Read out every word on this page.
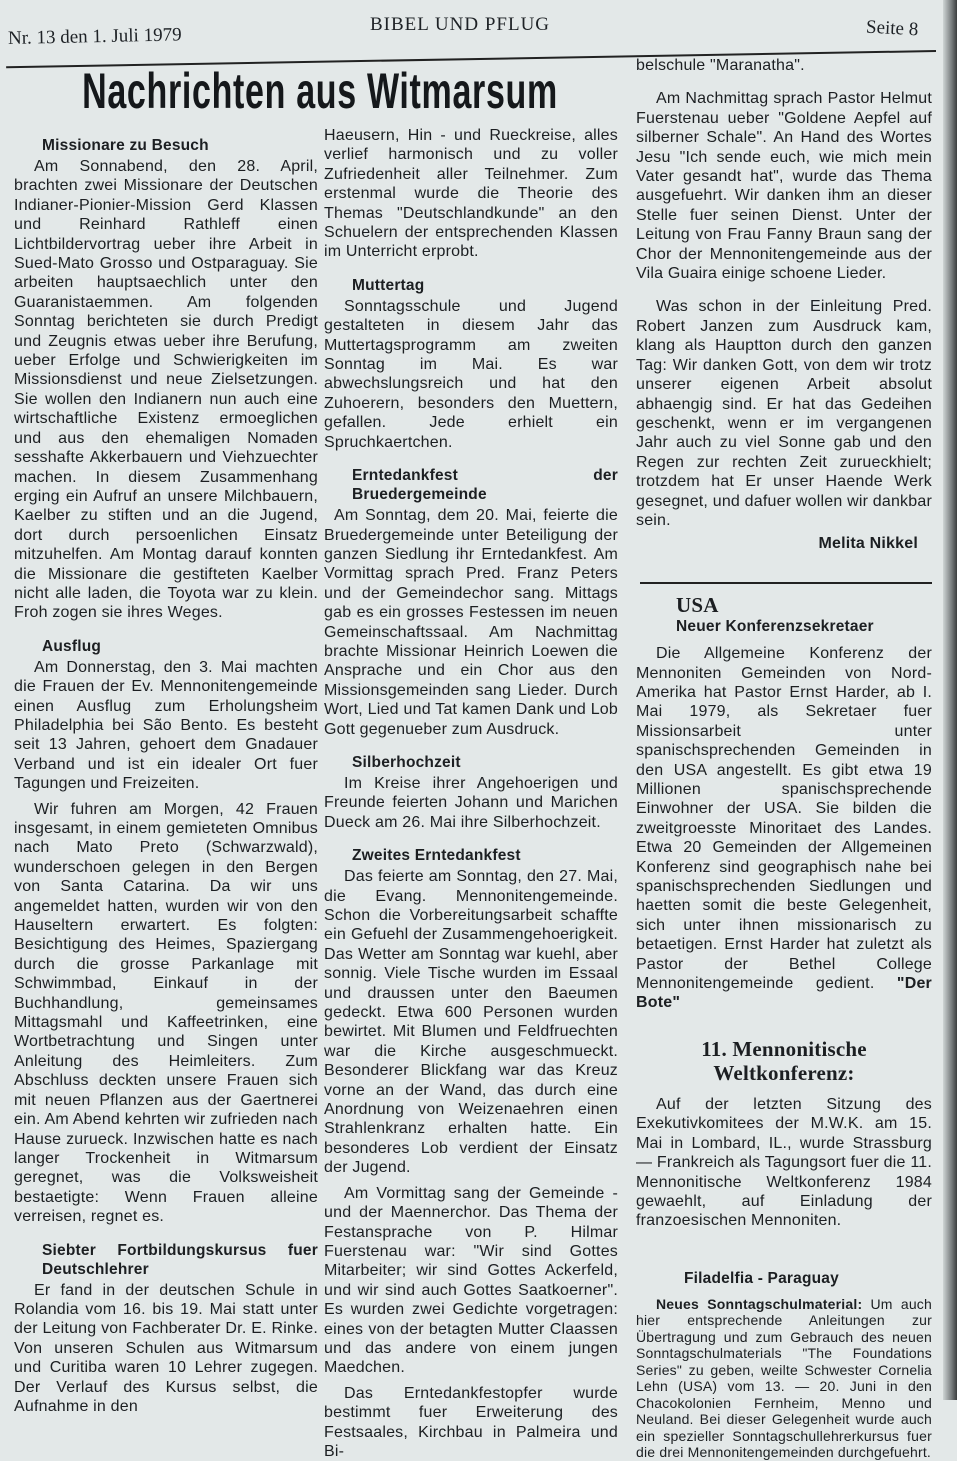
Nr. 13 den 1. Juli 1979	BIBEL UND PFLUG	Seite 8
Nachrichten aus Witmarsum
Missionare zu Besuch

Am Sonnabend, den 28. April, brachten zwei Missionare der Deutschen Indianer-Pionier-Mission Gerd Klassen und Reinhard Rathleff einen Lichtbildervortrag ueber ihre Arbeit in Sued-Mato Grosso und Ostparaguay. Sie arbeiten hauptsaechlich unter den Guaranistaemmen. Am folgenden Sonntag berichteten sie durch Predigt und Zeugnis etwas ueber ihre Berufung, ueber Erfolge und Schwierigkeiten im Missionsdienst und neue Zielsetzungen. Sie wollen den Indianern nun auch eine wirtschaftliche Existenz ermoeglichen und aus den ehemaligen Nomaden sesshafte Akkerbauern und Viehzuechter machen. In diesem Zusammenhang erging ein Aufruf an unsere Milchbauern, Kaelber zu stiften und an die Jugend, dort durch persoenlichen Einsatz mitzuhelfen. Am Montag darauf konnten die Missionare die gestifteten Kaelber nicht alle laden, die Toyota war zu klein. Froh zogen sie ihres Weges.

Ausflug

Am Donnerstag, den 3. Mai machten die Frauen der Ev. Mennonitengemeinde einen Ausflug zum Erholungsheim Philadelphia bei São Bento. Es besteht seit 13 Jahren, gehoert dem Gnadauer Verband und ist ein idealer Ort fuer Tagungen und Freizeiten.

Wir fuhren am Morgen, 42 Frauen insgesamt, in einem gemieteten Omnibus nach Mato Preto (Schwarzwald), wunderschoen gelegen in den Bergen von Santa Catarina. Da wir uns angemeldet hatten, wurden wir von den Hauseltern erwartert. Es folgten: Besichtigung des Heimes, Spaziergang durch die grosse Parkanlage mit Schwimmbad, Einkauf in der Buchhandlung, gemeinsames Mittagsmahl und Kaffeetrinken, eine Wortbetrachtung und Singen unter Anleitung des Heimleiters. Zum Abschluss deckten unsere Frauen sich mit neuen Pflanzen aus der Gaertnerei ein. Am Abend kehrten wir zufrieden nach Hause zurueck. Inzwischen hatte es nach langer Trockenheit in Witmarsum geregnet, was die Volksweisheit bestaetigte: Wenn Frauen alleine verreisen, regnet es.

Siebter Fortbildungskursus fuer Deutschlehrer

Er fand in der deutschen Schule in Rolandia vom 16. bis 19. Mai statt unter der Leitung von Fachberater Dr. E. Rinke. Von unseren Schulen aus Witmarsum und Curitiba waren 10 Lehrer zugegen. Der Verlauf des Kursus selbst, die Aufnahme in den

Haeusern, Hin - und Rueckreise, alles verlief harmonisch und zu voller Zufriedenheit aller Teilnehmer. Zum erstenmal wurde die Theorie des Themas "Deutschlandkunde" an den Schuelern der entsprechenden Klassen im Unterricht erprobt.

Muttertag

Sonntagsschule und Jugend gestalteten in diesem Jahr das Muttertagsprogramm am zweiten Sonntag im Mai. Es war abwechslungsreich und hat den Zuhoerern, besonders den Muettern, gefallen. Jede erhielt ein Spruchkaertchen.

Erntedankfest der Bruedergemeinde

Am Sonntag, dem 20. Mai, feierte die Bruedergemeinde unter Beteiligung der ganzen Siedlung ihr Erntedankfest. Am Vormittag sprach Pred. Franz Peters und der Gemeindechor sang. Mittags gab es ein grosses Festessen im neuen Gemeinschaftssaal. Am Nachmittag brachte Missionar Heinrich Loewen die Ansprache und ein Chor aus den Missionsgemeinden sang Lieder. Durch Wort, Lied und Tat kamen Dank und Lob Gott gegenueber zum Ausdruck.

Silberhochzeit

Im Kreise ihrer Angehoerigen und Freunde feierten Johann und Marichen Dueck am 26. Mai ihre Silberhochzeit.

Zweites Erntedankfest

Das feierte am Sonntag, den 27. Mai, die Evang. Mennonitengemeinde. Schon die Vorbereitungsarbeit schaffte ein Gefuehl der Zusammengehoerigkeit. Das Wetter am Sonntag war kuehl, aber sonnig. Viele Tische wurden im Essaal und draussen unter den Baeumen gedeckt. Etwa 600 Personen wurden bewirtet. Mit Blumen und Feldfruechten war die Kirche ausgeschmueckt. Besonderer Blickfang war das Kreuz vorne an der Wand, das durch eine Anordnung von Weizenaehren einen Strahlenkranz erhalten hatte. Ein besonderes Lob verdient der Einsatz der Jugend.

Am Vormittag sang der Gemeinde - und der Maennerchor. Das Thema der Festansprache von P. Hilmar Fuerstenau war: "Wir sind Gottes Mitarbeiter; wir sind Gottes Ackerfeld, und wir sind auch Gottes Saatkoerner". Es wurden zwei Gedichte vorgetragen: eines von der betagten Mutter Claassen und das andere von einem jungen Maedchen.

Das Erntedankfestopfer wurde bestimmt fuer Erweiterung des Festsaales, Kirchbau in Palmeira und Bi-

belschule "Maranatha".

Am Nachmittag sprach Pastor Helmut Fuerstenau ueber "Goldene Aepfel auf silberner Schale". An Hand des Wortes Jesu "Ich sende euch, wie mich mein Vater gesandt hat", wurde das Thema ausgefuehrt. Wir danken ihm an dieser Stelle fuer seinen Dienst. Unter der Leitung von Frau Fanny Braun sang der Chor der Mennonitengemeinde aus der Vila Guaira einige schoene Lieder.

Was schon in der Einleitung Pred. Robert Janzen zum Ausdruck kam, klang als Hauptton durch den ganzen Tag: Wir danken Gott, von dem wir trotz unserer eigenen Arbeit absolut abhaengig sind. Er hat das Gedeihen geschenkt, wenn er im vergangenen Jahr auch zu viel Sonne gab und den Regen zur rechten Zeit zurueckhielt; trotzdem hat Er unser Haende Werk gesegnet, und dafuer wollen wir dankbar sein.

Melita Nikkel
USA
Neuer Konferenzsekretaer

Die Allgemeine Konferenz der Mennoniten Gemeinden von Nord-Amerika hat Pastor Ernst Harder, ab I. Mai 1979, als Sekretaer fuer Missionsarbeit unter spanischsprechenden Gemeinden in den USA angestellt. Es gibt etwa 19 Millionen spanischsprechende Einwohner der USA. Sie bilden die zweitgroesste Minoritaet des Landes. Etwa 20 Gemeinden der Allgemeinen Konferenz sind geographisch nahe bei spanischsprechenden Siedlungen und haetten somit die beste Gelegenheit, sich unter ihnen missionarisch zu betaetigen. Ernst Harder hat zuletzt als Pastor der Bethel College Mennonitengemeinde gedient. "Der Bote"

11. Mennonitische Weltkonferenz:

Auf der letzten Sitzung des Exekutivkomitees der M.W.K. am 15. Mai in Lombard, IL., wurde Strassburg — Frankreich als Tagungsort fuer die 11. Mennonitische Weltkonferenz 1984 gewaehlt, auf Einladung der franzoesischen Mennoniten.

Filadelfia - Paraguay

Neues Sonntagschulmaterial: Um auch hier entsprechende Anleitungen zur Übertragung und zum Gebrauch des neuen Sonntagschulmaterials "The Foundations Series" zu geben, weilte Schwester Cornelia Lehn (USA) vom 13. — 20. Juni in den Chacokolonien Fernheim, Menno und Neuland. Bei dieser Gelegenheit wurde auch ein spezieller Sonntagschullehrerkursus fuer die drei Mennonitengemeinden durchgefuehrt.
